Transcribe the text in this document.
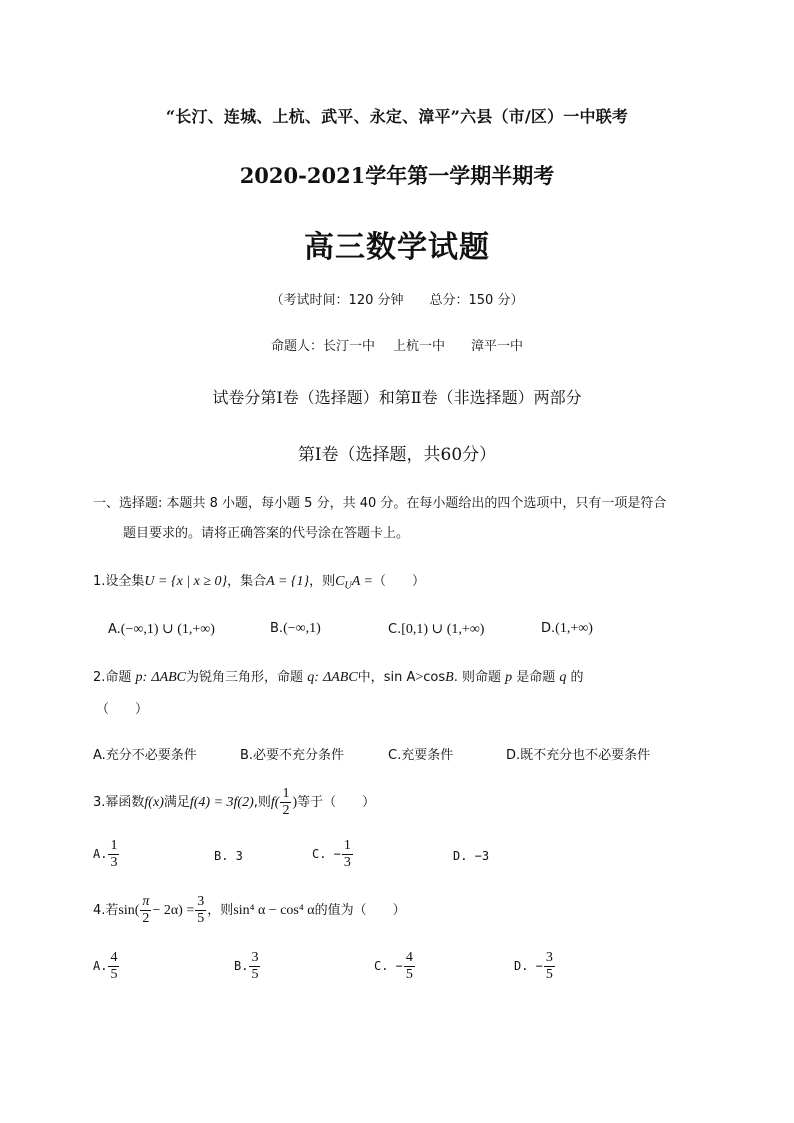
“长汀、连城、上杭、武平、永定、漳平”六县（市/区）一中联考
2020-2021学年第一学期半期考
高三数学试题
（考试时间：120 分钟 总分：150 分）
命题人：长汀一中 上杭一中 漳平一中
试卷分第Ⅰ卷（选择题）和第Ⅱ卷（非选择题）两部分
第Ⅰ卷（选择题，共60分）
一、选择题: 本题共 8 小题，每小题 5 分，共 40 分。在每小题给出的四个选项中，只有一项是符合
题目要求的。请将正确答案的代号涂在答题卡上。
1.设全集U = {x | x ≥ 0}，集合A = {1}，则$C_UA$ =（　　）
A.(−∞,1) ∪ (1,+∞)	B.(−∞,1)	C.[0,1) ∪ (1,+∞)	D.(1,+∞)
2.命题 p: ΔABC为锐角三角形，命题 q: ΔABC中，sin A>cosB. 则命题 p 是命题 q 的
（　　）
A.充分不必要条件	B.必要不充分条件	C.充要条件	D.既不充分也不必要条件
3.幂函数f(x)满足f(4) = 3f(2),则$f( \frac{1}{2}$ )等于（　　）
A. $\frac{1}{3}$	B. 3	C. − $\frac{1}{3}$	D. −3
4.若$\sin( \frac{\pi}{2} - 2\alpha) = \frac{3}{5}$ ，则sin⁴ α − cos⁴ α的值为（　　）
A. $\frac{4}{5}$	B. $\frac{3}{5}$	C. − $\frac{4}{5}$	D. − $\frac{3}{5}$
